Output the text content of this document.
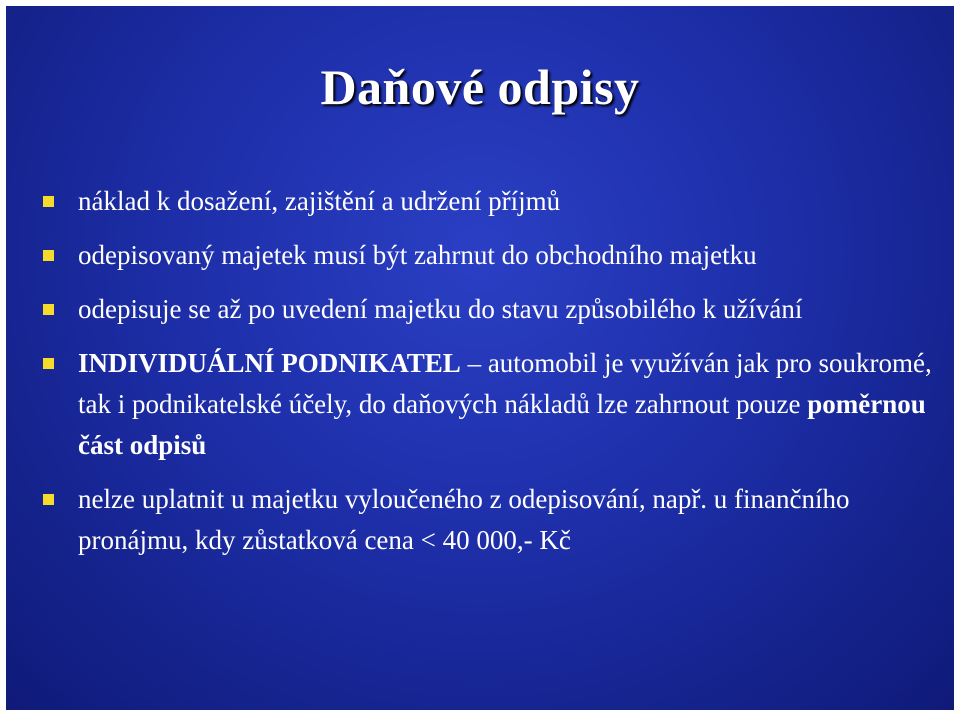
Daňové odpisy
náklad k dosažení, zajištění a udržení příjmů
odepisovaný majetek musí být zahrnut do obchodního majetku
odepisuje se až po uvedení majetku do stavu způsobilého k užívání
INDIVIDUÁLNÍ PODNIKATEL – automobil je využíván jak pro soukromé, tak i podnikatelské účely, do daňových nákladů lze zahrnout pouze poměrnou část odpisů
nelze uplatnit u majetku vyloučeného z odepisování, např. u finančního pronájmu, kdy zůstatková cena < 40 000,- Kč
